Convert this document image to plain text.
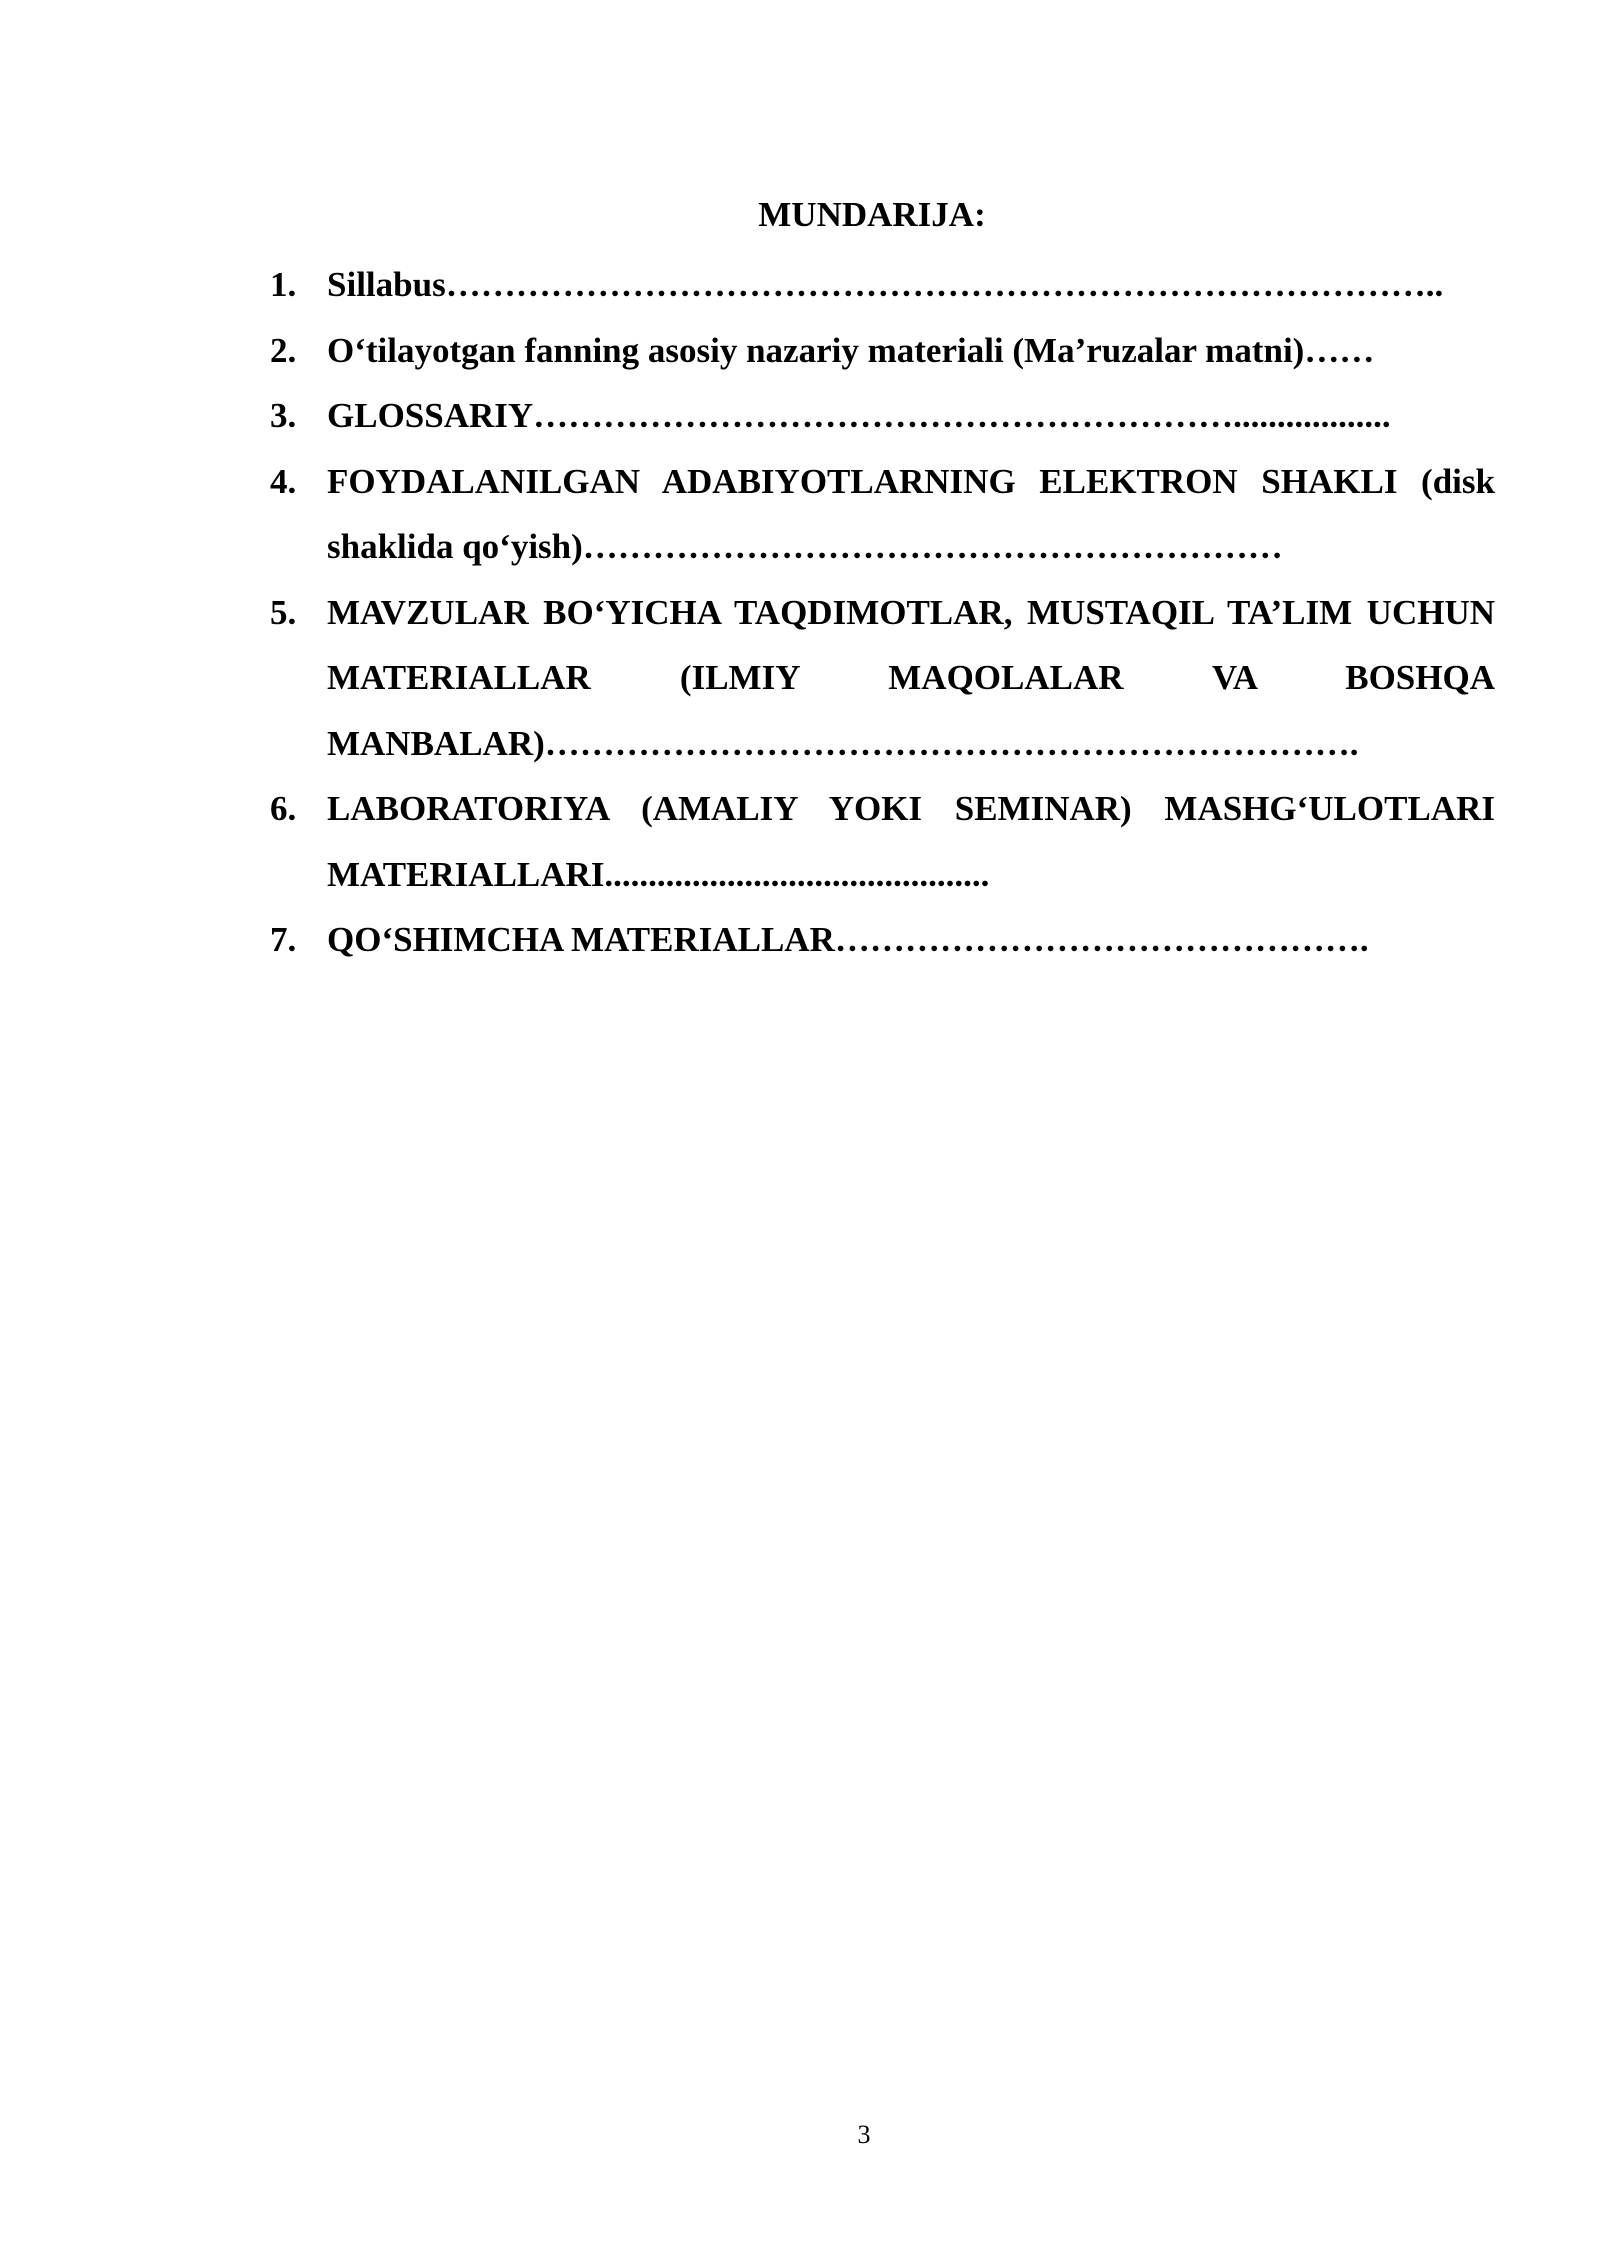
MUNDARIJA:
1. Sillabus…………………………………………………………………………..
2. O‘tilayotgan fanning asosiy nazariy materiali (Ma’ruzalar matni)……
3. GLOSSARIY……………………………………………………..................
4. FOYDALANILGAN ADABIYOTLARNING ELEKTRON SHAKLI (disk shaklida qo‘yish)……………………………………………………
5. MAVZULAR BO‘YICHA TAQDIMOTLAR, MUSTAQIL TA’LIM UCHUN MATERIALLAR (ILMIY MAQOLALAR VA BOSHQA MANBALAR)…………………………………………………………….
6. LABORATORIYA (AMALIY YOKI SEMINAR) MASHG‘ULOTLARI MATERIALLARI............................................
7. QO‘SHIMCHA MATERIALLAR……………………………………….
3
